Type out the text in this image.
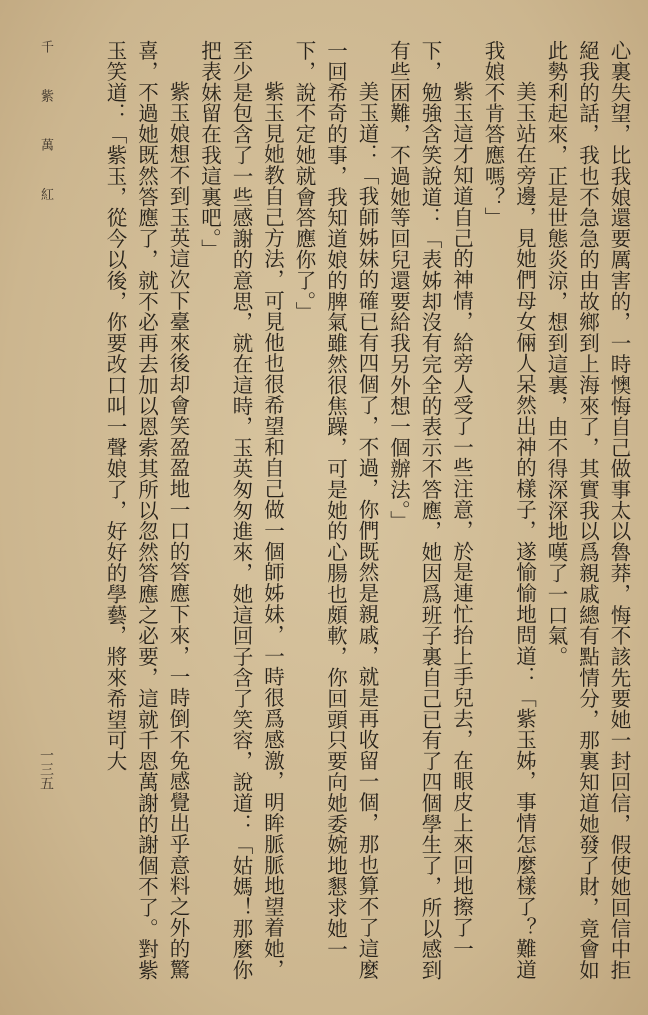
心裏失望，比我娘還要厲害的，一時懊悔自己做事太以魯莽，悔不該先要她一封回信，假使她回信中拒絕我的話，我也不急急的由故鄉到上海來了，其實我以爲親戚總有點情分，那裏知道她發了財，竟會如此勢利起來，正是世態炎涼，想到這裏，由不得深深地嘆了一口氣。

美玉站在旁邊，見她們母女倆人呆然出神的樣子，遂愉愉地問道：「紫玉姊，事情怎麼樣了？難道我娘不肯答應嗎？」

紫玉這才知道自己的神情，給旁人受了一些注意，於是連忙抬上手兒去，在眼皮上來回地擦了一下，勉強含笑說道：「表姊却沒有完全的表示不答應，她因爲班子裏自己已有了四個學生了，所以感到有些困難，不過她等回兒還要給我另外想一個辦法。」

美玉道：「我師姊妹的確已有四個了，不過，你們既然是親戚，就是再收留一個，那也算不了這麼一回希奇的事，我知道娘的脾氣雖然很焦躁，可是她的心腸也頗軟，你回頭只要向她委婉地懇求她一下，說不定她就會答應你了。」

紫玉見她教自己方法，可見他也很希望和自己做一個師姊妹，一時很爲感激，明眸脈脈地望着她，至少是包含了一些感謝的意思，就在這時，玉英匆匆進來，她這回子含了笑容，說道：「姑媽！那麼你把表妹留在我這裏吧。」

紫玉娘想不到玉英這次下臺來後却會笑盈盈地一口的答應下來，一時倒不免感覺出乎意料之外的驚喜，不過她既然答應了，就不必再去加以恩索其所以忽然答應之必要，這就千恩萬謝的謝個不了。對紫玉笑道：「紫玉，從今以後，你要改口叫一聲娘了，好好的學藝，將來希望可大

千 紫 萬 紅
一三五
